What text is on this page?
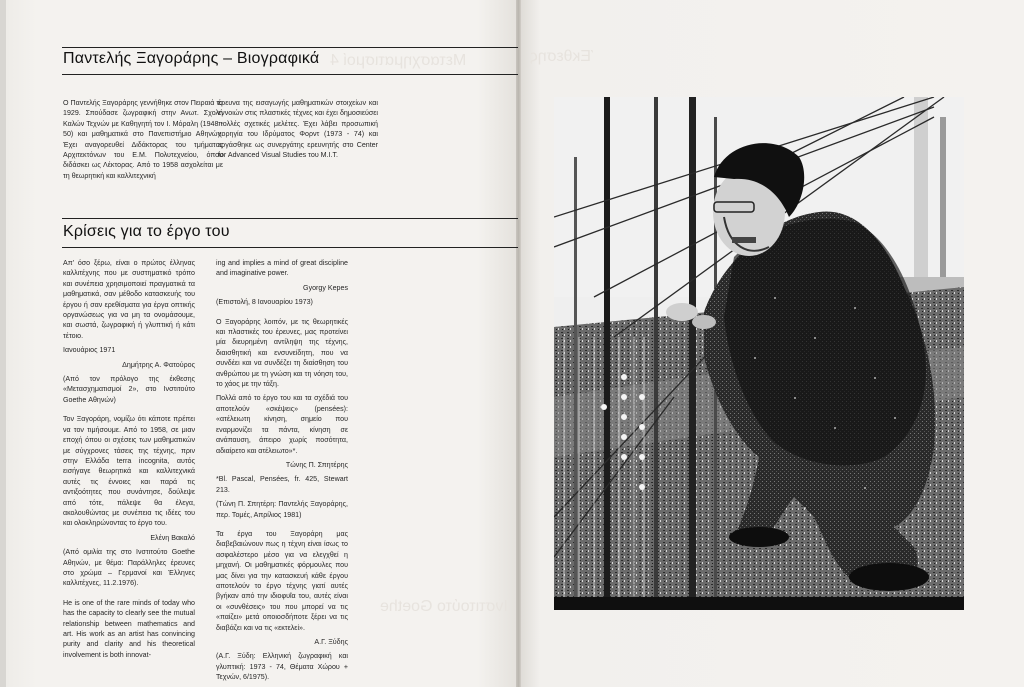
Μετασχηματισμοί 4	Έκθεσης
Ινστιτούτο Goethe
Παντελής Ξαγοράρης – Βιογραφικά

Ο Παντελής Ξαγοράρης γεννήθηκε στον Πειραιά το 1929. Σπούδασε ζωγραφική στην Ανωτ. Σχολή Καλών Τεχνών με Καθηγητή τον Ι. Μόραλη (1948 - 50) και μαθηματικά στο Πανεπιστήμιο Αθηνών. Έχει αναγορευθεί Διδάκτορας του τμήματος Αρχιτεκτόνων του Ε.Μ. Πολυτεχνείου, όπου διδάσκει ως Λέκτορας. Από το 1958 ασχολείται με τη θεωρητική και καλλιτεχνική

έρευνα της εισαγωγής μαθηματικών στοιχείων και εννοιών στις πλαστικές τέχνες και έχει δημοσιεύσει πολλές σχετικές μελέτες. Έχει λάβει προσωπική χορηγία του Ιδρύματος Φορντ (1973 - 74) και εργάσθηκε ως συνεργάτης ερευνητής στο Center for Advanced Visual Studies του M.I.T.

Κρίσεις για το έργο του

Απ' όσο ξέρω, είναι ο πρώτος έλληνας καλλιτέχνης που με συστηματικό τρόπο και συνέπεια χρησιμοποιεί πραγματικά τα μαθηματικά, σαν μέθοδο κατασκευής του έργου ή σαν ερεθίσματα για έργα οπτικής οργανώσεως για να μη τα ονομάσουμε, και σωστά, ζωγραφική ή γλυπτική ή κάτι τέτοιο.

Ιανουάριος 1971

Δημήτρης Α. Φατούρος

(Από τον πρόλογο της έκθεσης «Μετασχηματισμοί 2», στο Ινστιτούτο Goethe Αθηνών)

Τον Ξαγοράρη, νομίζω ότι κάποτε πρέπει να τον τιμήσουμε. Από το 1958, σε μιαν εποχή όπου οι σχέσεις των μαθηματικών με σύγχρονες τάσεις της τέχνης, πριν στην Ελλάδα terra incognita, αυτός εισήγαγε θεωρητικά και καλλιτεχνικά αυτές τις έννοιες και παρά τις αντιξοότητες που συνάντησε, δούλεψε από τότε, πάλεψε θα έλεγα, ακολουθώντας με συνέπεια τις ιδέες του και ολοκληρώνοντας το έργο του.

Ελένη Βακαλό

(Από ομιλία της στο Ινστιτούτο Goethe Αθηνών, με θέμα: Παράλληλες έρευνες στο χρώμα – Γερμανοί και Έλληνες καλλιτέχνες, 11.2.1976).

He is one of the rare minds of today who has the capacity to clearly see the mutual relationship between mathematics and art. His work as an artist has convincing purity and clarity and his theoretical involvement is both innovat-

ing and implies a mind of great discipline and imaginative power.

Gyorgy Kepes

(Επιστολή, 8 Ιανουαρίου 1973)

Ο Ξαγοράρης λοιπόν, με τις θεωρητικές και πλαστικές του έρευνες, μας προτείνει μία διευρημένη αντίληψη της τέχνης, διαισθητική και ενσυνείδητη, που να συνδέει και να συνδέζει τη διαίσθηση του ανθρώπου με τη γνώση και τη νόηση του, το χάος με την τάξη.

Πολλά από το έργο του και τα σχέδιά του αποτελούν «σκέψεις» (pensées): «ατέλειωτη κίνηση, σημείο που εναρμονίζει τα πάντα, κίνηση σε ανάπαυση, άπειρο χωρίς ποσότητα, αδιαίρετο και ατέλειωτο»*.

Τώνης Π. Σπητέρης

*Bl. Pascal, Pensées, fr. 425, Stewart 213.

(Τώνη Π. Σπητέρη: Παντελής Ξαγοράρης, περ. Τομές, Απρίλιος 1981)

Τα έργα του Ξαγοράρη μας διαβεβαιώνουν πως η τέχνη είναι ίσως το ασφαλέστερο μέσο για να ελεγχθεί η μηχανή. Οι μαθηματικές φόρμουλες που μας δίνει για την κατασκευή κάθε έργου αποτελούν το έργο τέχνης γιατί αυτές βγήκαν από την ιδιοφυΐα του, αυτές είναι οι «συνθέσεις» του που μπορεί να τις «παίζει» μετά οποιοσδήποτε ξέρει να τις διαβάζει και να τις «εκτελεί».

Α.Γ. Ξύδης

(Α.Γ. Ξύδη: Ελληνική ζωγραφική και γλυπτική: 1973 - 74, Θέματα Χώρου + Τεχνών, 6/1975).
